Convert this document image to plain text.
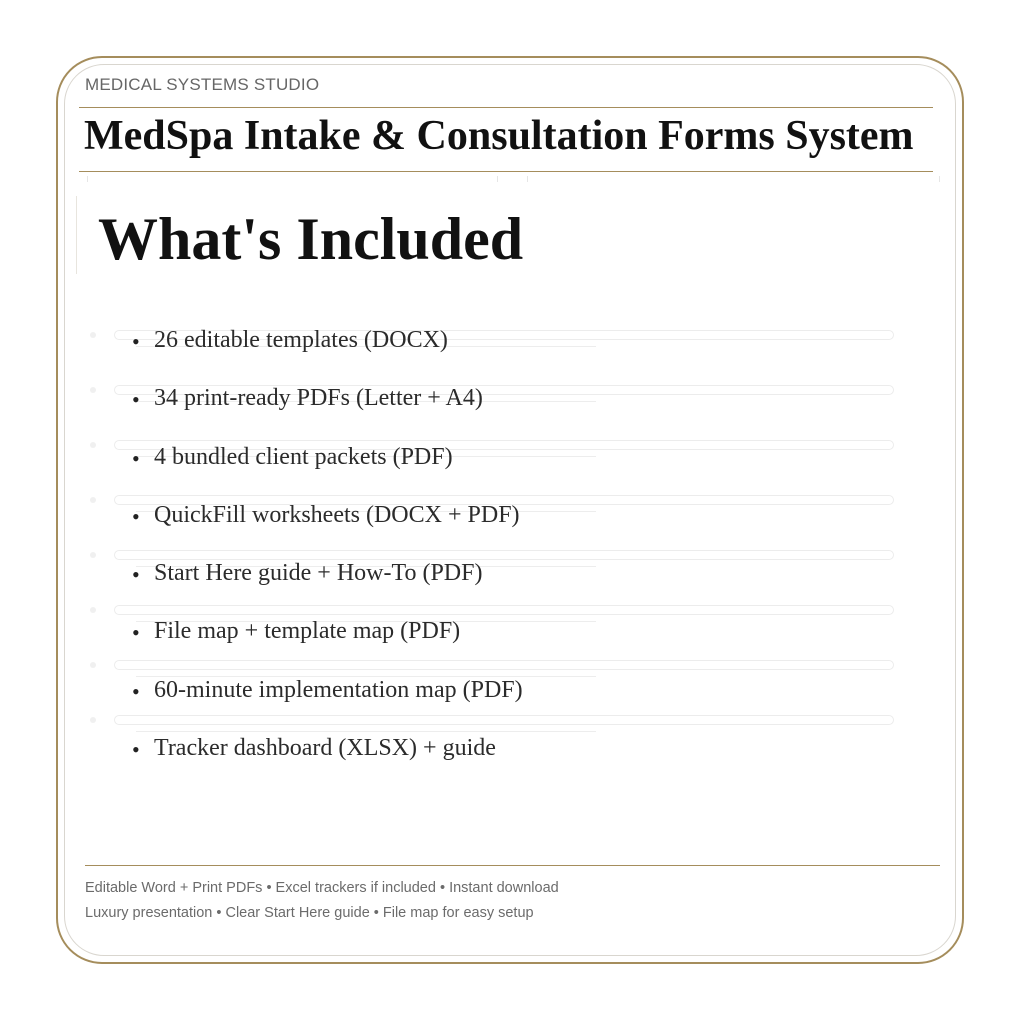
MEDICAL SYSTEMS STUDIO
MedSpa Intake & Consultation Forms System
What's Included
• 26 editable templates (DOCX)
• 34 print-ready PDFs (Letter + A4)
• 4 bundled client packets (PDF)
• QuickFill worksheets (DOCX + PDF)
• Start Here guide + How-To (PDF)
• File map + template map (PDF)
• 60-minute implementation map (PDF)
• Tracker dashboard (XLSX) + guide
Editable Word + Print PDFs • Excel trackers if included • Instant download
Luxury presentation • Clear Start Here guide • File map for easy setup
